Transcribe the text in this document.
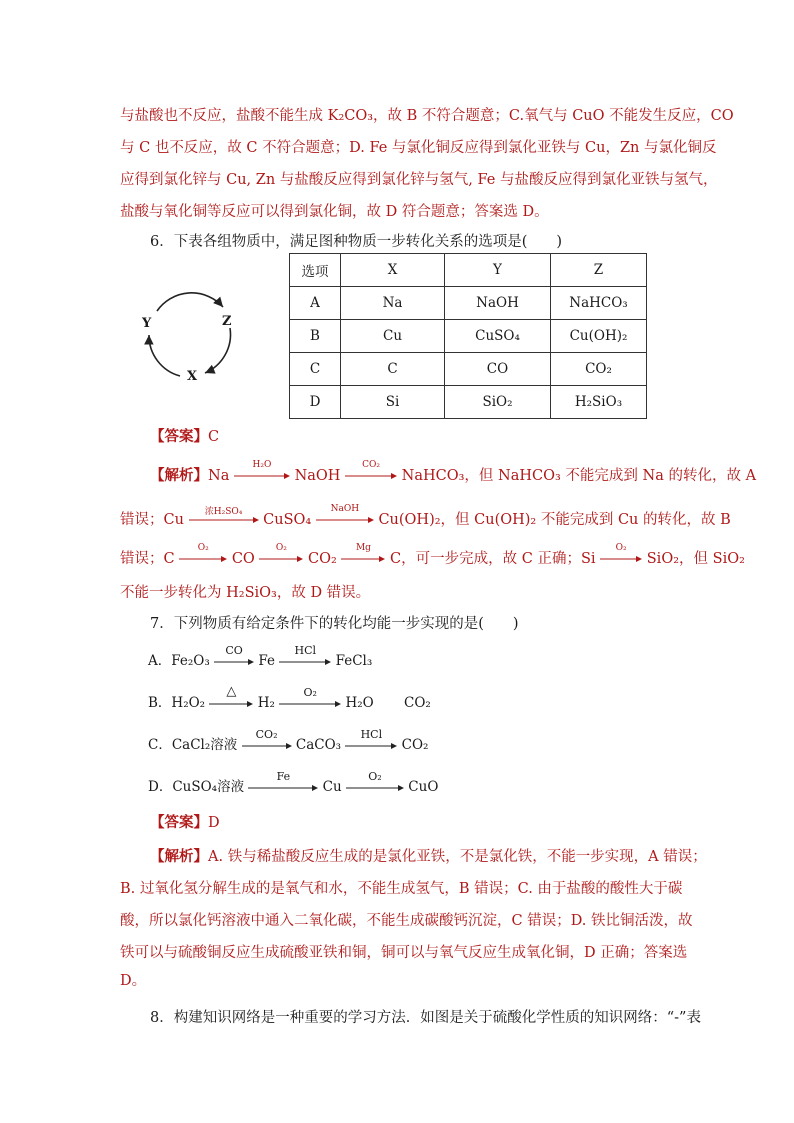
与盐酸也不反应，盐酸不能生成 K₂CO₃，故 B 不符合题意；C.氧气与 CuO 不能发生反应，CO
与 C 也不反应，故 C 不符合题意；D. Fe 与氯化铜反应得到氯化亚铁与 Cu，Zn 与氯化铜反
应得到氯化锌与 Cu, Zn 与盐酸反应得到氯化锌与氢气, Fe 与盐酸反应得到氯化亚铁与氢气，
盐酸与氧化铜等反应可以得到氯化铜，故 D 符合题意；答案选 D。
6．下表各组物质中，满足图种物质一步转化关系的选项是(　　)
Y	Z
X
选项	X	Y	Z
A	Na	NaOH	NaHCO₃
B	Cu	CuSO₄	Cu(OH)₂
C	C	CO	CO₂
D	Si	SiO₂	H₂SiO₃
【答案】C
【解析】Na
H₂O
NaOH
CO₂
NaHCO₃，但 NaHCO₃ 不能完成到 Na 的转化，故 A
错误；Cu	浓H₂SO₄	CuSO₄
NaOH
Cu(OH)₂，但 Cu(OH)₂ 不能完成到 Cu 的转化，故 B
错误；C
O₂
CO
O₂
CO₂
Mg
C，可一步完成，故 C 正确；Si
O₂
SiO₂，但 SiO₂
不能一步转化为 H₂SiO₃，故 D 错误。
7．下列物质有给定条件下的转化均能一步实现的是(　　)
A．Fe₂O₃
CO
Fe
HCl
FeCl₃
B．H₂O₂
△
H₂
O₂
H₂O CO₂
C．CaCl₂溶液
CO₂
CaCO₃
HCl
CO₂
D．CuSO₄溶液
Fe
Cu
O₂
CuO
【答案】D
【解析】A. 铁与稀盐酸反应生成的是氯化亚铁，不是氯化铁，不能一步实现，A 错误；
B. 过氧化氢分解生成的是氧气和水，不能生成氢气，B 错误；C. 由于盐酸的酸性大于碳
酸，所以氯化钙溶液中通入二氧化碳，不能生成碳酸钙沉淀，C 错误；D. 铁比铜活泼，故
铁可以与硫酸铜反应生成硫酸亚铁和铜，铜可以与氧气反应生成氧化铜，D 正确；答案选
D。
8．构建知识网络是一种重要的学习方法．如图是关于硫酸化学性质的知识网络：“-”表
